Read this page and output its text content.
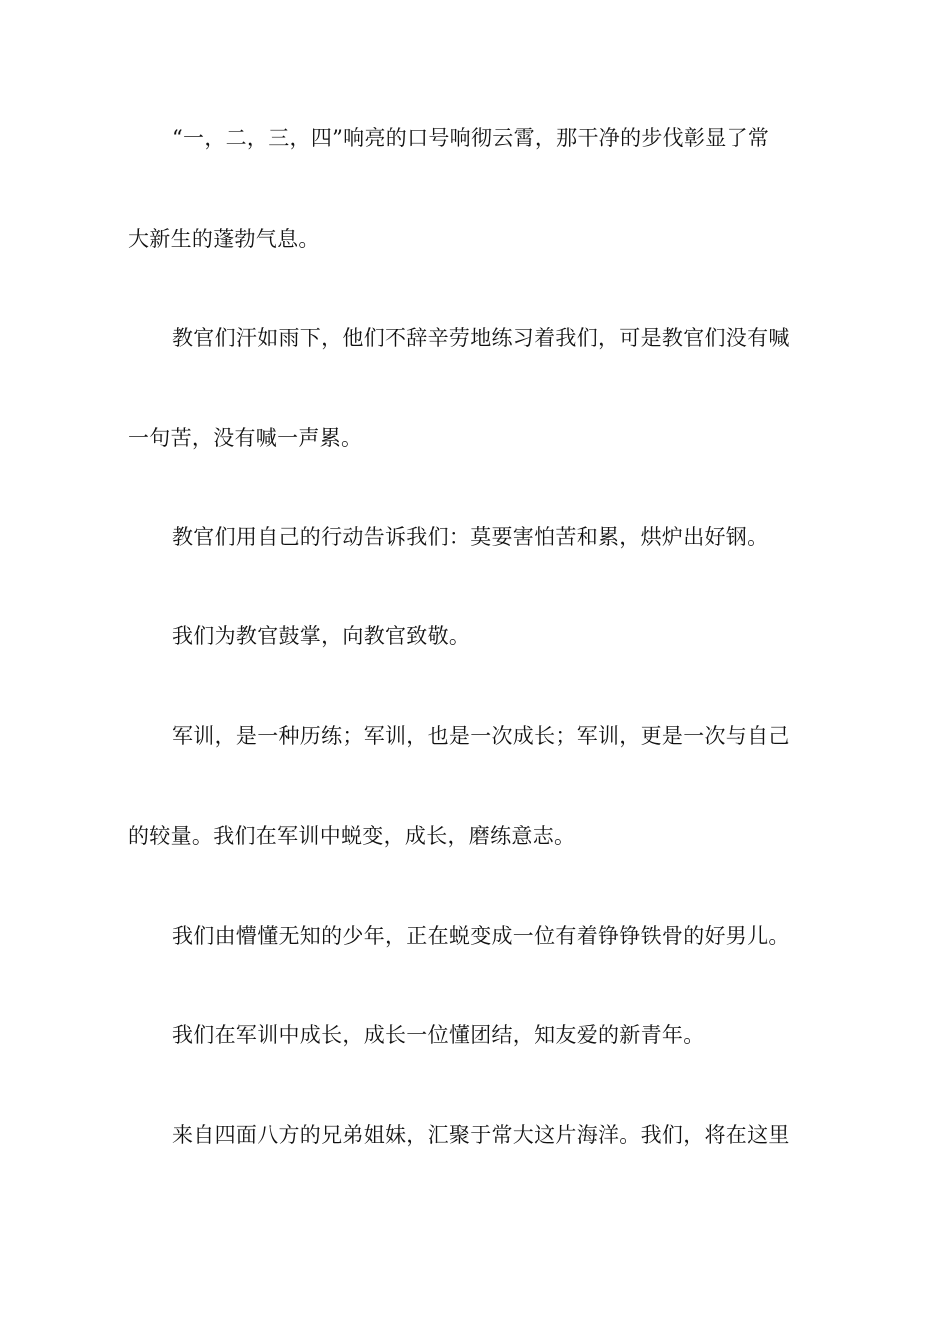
“一，二，三，四”响亮的口号响彻云霄，那干净的步伐彰显了常
大新生的蓬勃气息。
教官们汗如雨下，他们不辞辛劳地练习着我们，可是教官们没有喊
一句苦，没有喊一声累。
教官们用自己的行动告诉我们：莫要害怕苦和累，烘炉出好钢。
我们为教官鼓掌，向教官致敬。
军训，是一种历练；军训，也是一次成长；军训，更是一次与自己
的较量。我们在军训中蜕变，成长，磨练意志。
我们由懵懂无知的少年，正在蜕变成一位有着铮铮铁骨的好男儿。
我们在军训中成长，成长一位懂团结，知友爱的新青年。
来自四面八方的兄弟姐妹，汇聚于常大这片海洋。我们，将在这里
